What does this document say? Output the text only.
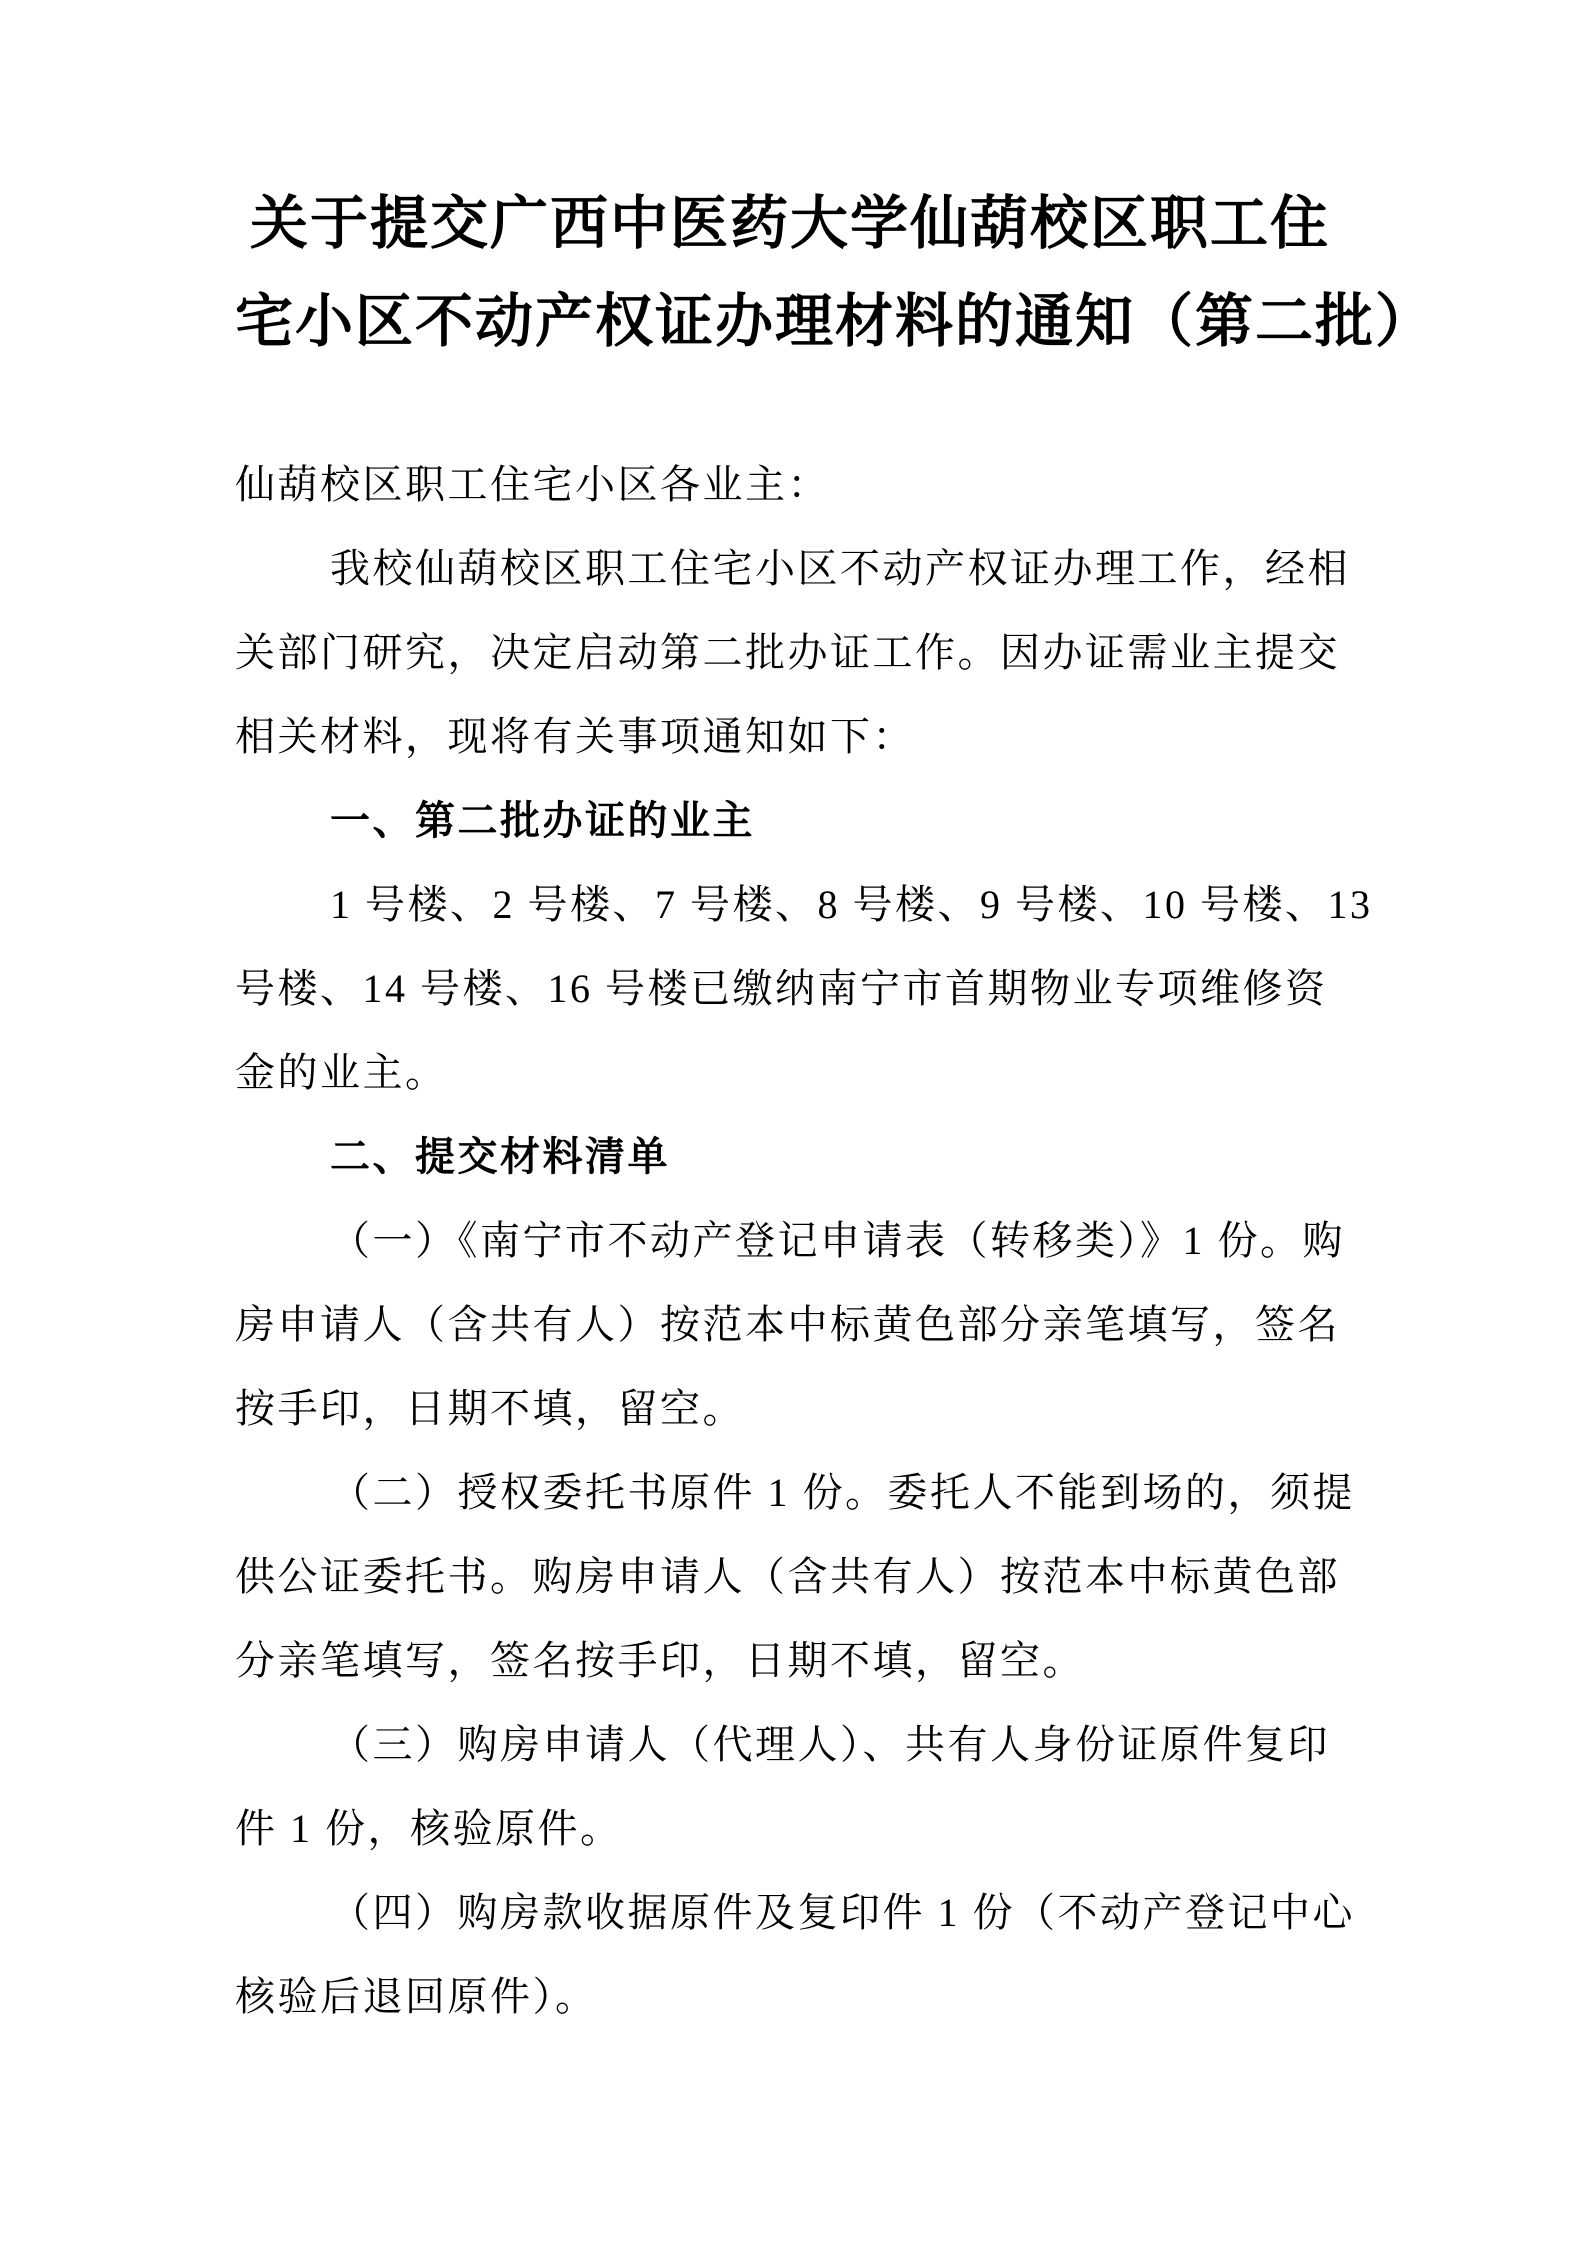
关于提交广西中医药大学仙葫校区职工住
宅小区不动产权证办理材料的通知（第二批）
仙葫校区职工住宅小区各业主：
我校仙葫校区职工住宅小区不动产权证办理工作，经相
关部门研究，决定启动第二批办证工作。因办证需业主提交
相关材料，现将有关事项通知如下：
一、第二批办证的业主
1 号楼、2 号楼、7 号楼、8 号楼、9 号楼、10 号楼、13
号楼、14 号楼、16 号楼已缴纳南宁市首期物业专项维修资
金的业主。
二、提交材料清单
（一）《南宁市不动产登记申请表（转移类）》1 份。购
房申请人（含共有人）按范本中标黄色部分亲笔填写，签名
按手印，日期不填，留空。
（二）授权委托书原件 1 份。委托人不能到场的，须提
供公证委托书。购房申请人（含共有人）按范本中标黄色部
分亲笔填写，签名按手印，日期不填，留空。
（三）购房申请人（代理人）、共有人身份证原件复印
件 1 份，核验原件。
（四）购房款收据原件及复印件 1 份（不动产登记中心
核验后退回原件）。
